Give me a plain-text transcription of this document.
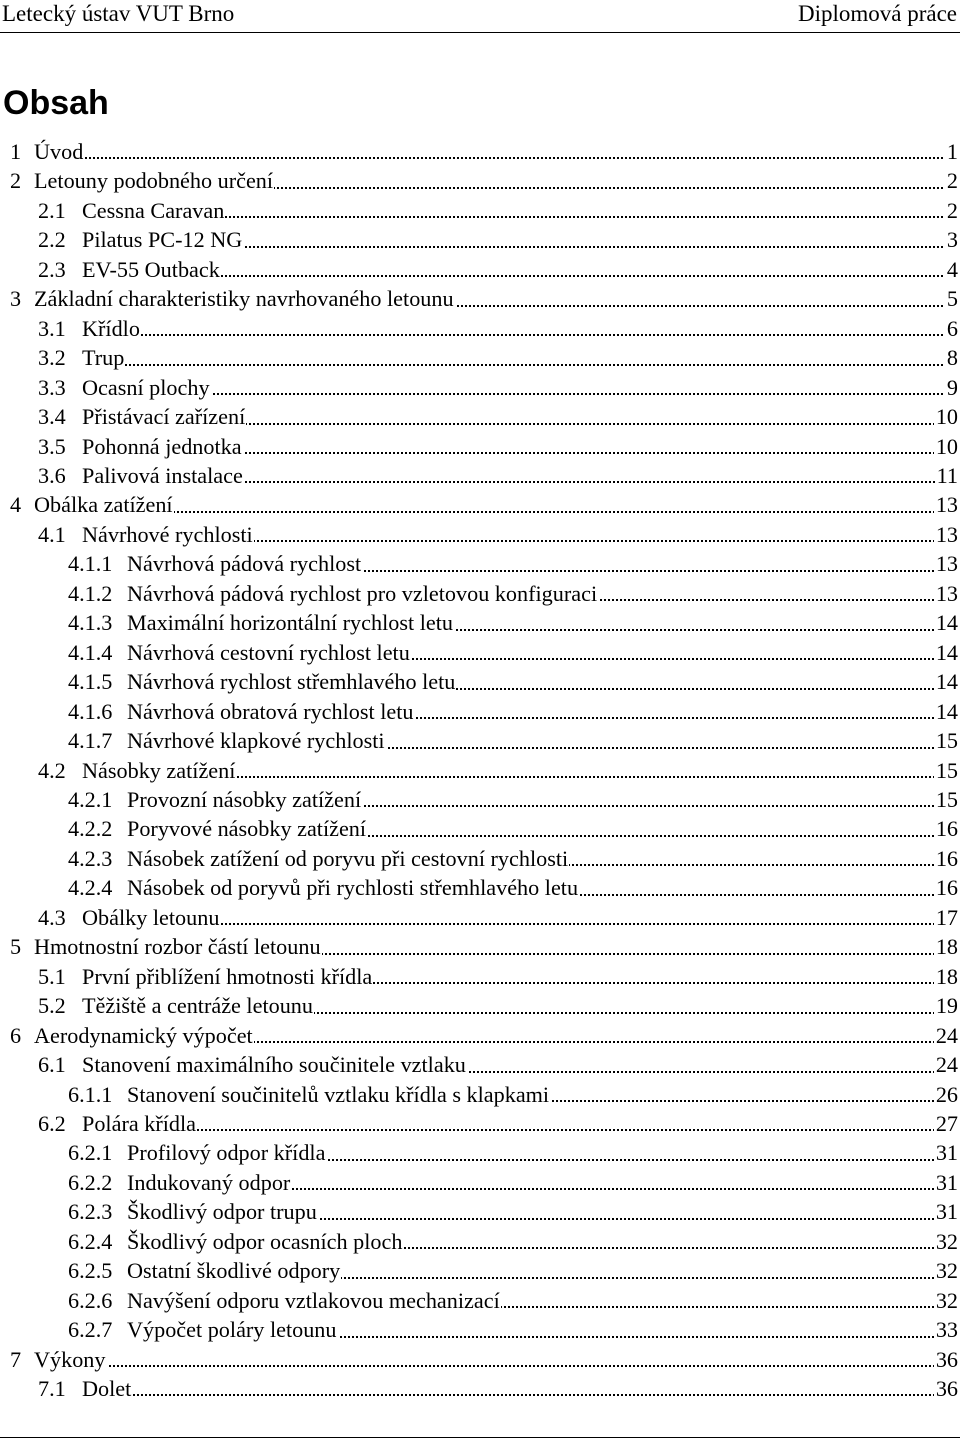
Letecký ústav VUT Brno	Diplomová práce
Obsah
1 Úvod	1
2 Letouny podobného určení	2
2.1 Cessna Caravan	2
2.2 Pilatus PC-12 NG	3
2.3 EV-55 Outback	4
3 Základní charakteristiky navrhovaného letounu	5
3.1 Křídlo	6
3.2 Trup	8
3.3 Ocasní plochy	9
3.4 Přistávací zařízení	10
3.5 Pohonná jednotka	10
3.6 Palivová instalace	11
4 Obálka zatížení	13
4.1 Návrhové rychlosti	13
4.1.1 Návrhová pádová rychlost	13
4.1.2 Návrhová pádová rychlost pro vzletovou konfiguraci	13
4.1.3 Maximální horizontální rychlost letu	14
4.1.4 Návrhová cestovní rychlost letu	14
4.1.5 Návrhová rychlost střemhlavého letu	14
4.1.6 Návrhová obratová rychlost letu	14
4.1.7 Návrhové klapkové rychlosti	15
4.2 Násobky zatížení	15
4.2.1 Provozní násobky zatížení	15
4.2.2 Poryvové násobky zatížení	16
4.2.3 Násobek zatížení od poryvu při cestovní rychlosti	16
4.2.4 Násobek od poryvů při rychlosti střemhlavého letu	16
4.3 Obálky letounu	17
5 Hmotnostní rozbor částí letounu	18
5.1 První přiblížení hmotnosti křídla	18
5.2 Těžiště a centráže letounu	19
6 Aerodynamický výpočet	24
6.1 Stanovení maximálního součinitele vztlaku	24
6.1.1 Stanovení součinitelů vztlaku křídla s klapkami	26
6.2 Polára křídla	27
6.2.1 Profilový odpor křídla	31
6.2.2 Indukovaný odpor	31
6.2.3 Škodlivý odpor trupu	31
6.2.4 Škodlivý odpor ocasních ploch	32
6.2.5 Ostatní škodlivé odpory	32
6.2.6 Navýšení odporu vztlakovou mechanizací	32
6.2.7 Výpočet poláry letounu	33
7 Výkony	36
7.1 Dolet	36
